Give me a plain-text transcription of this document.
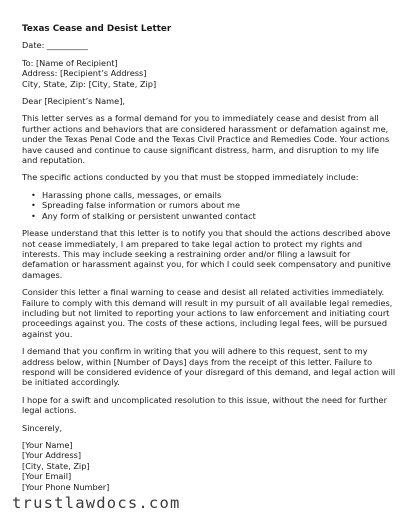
Texas Cease and Desist Letter
Date: __________
To: [Name of Recipient]
Address: [Recipient’s Address]
City, State, Zip: [City, State, Zip]
Dear [Recipient’s Name],
This letter serves as a formal demand for you to immediately cease and desist from all
further actions and behaviors that are considered harassment or defamation against me,
under the Texas Penal Code and the Texas Civil Practice and Remedies Code. Your actions
have caused and continue to cause significant distress, harm, and disruption to my life
and reputation.
The specific actions conducted by you that must be stopped immediately include:
• Harassing phone calls, messages, or emails
• Spreading false information or rumors about me
• Any form of stalking or persistent unwanted contact
Please understand that this letter is to notify you that should the actions described above
not cease immediately, I am prepared to take legal action to protect my rights and
interests. This may include seeking a restraining order and/or filing a lawsuit for
defamation or harassment against you, for which I could seek compensatory and punitive
damages.
Consider this letter a final warning to cease and desist all related activities immediately.
Failure to comply with this demand will result in my pursuit of all available legal remedies,
including but not limited to reporting your actions to law enforcement and initiating court
proceedings against you. The costs of these actions, including legal fees, will be pursued
against you.
I demand that you confirm in writing that you will adhere to this request, sent to my
address below, within [Number of Days] days from the receipt of this letter. Failure to
respond will be considered evidence of your disregard of this demand, and legal action will
be initiated accordingly.
I hope for a swift and uncomplicated resolution to this issue, without the need for further
legal actions.
Sincerely,
[Your Name]
[Your Address]
[City, State, Zip]
[Your Email]
[Your Phone Number]
trustlawdocs.com
